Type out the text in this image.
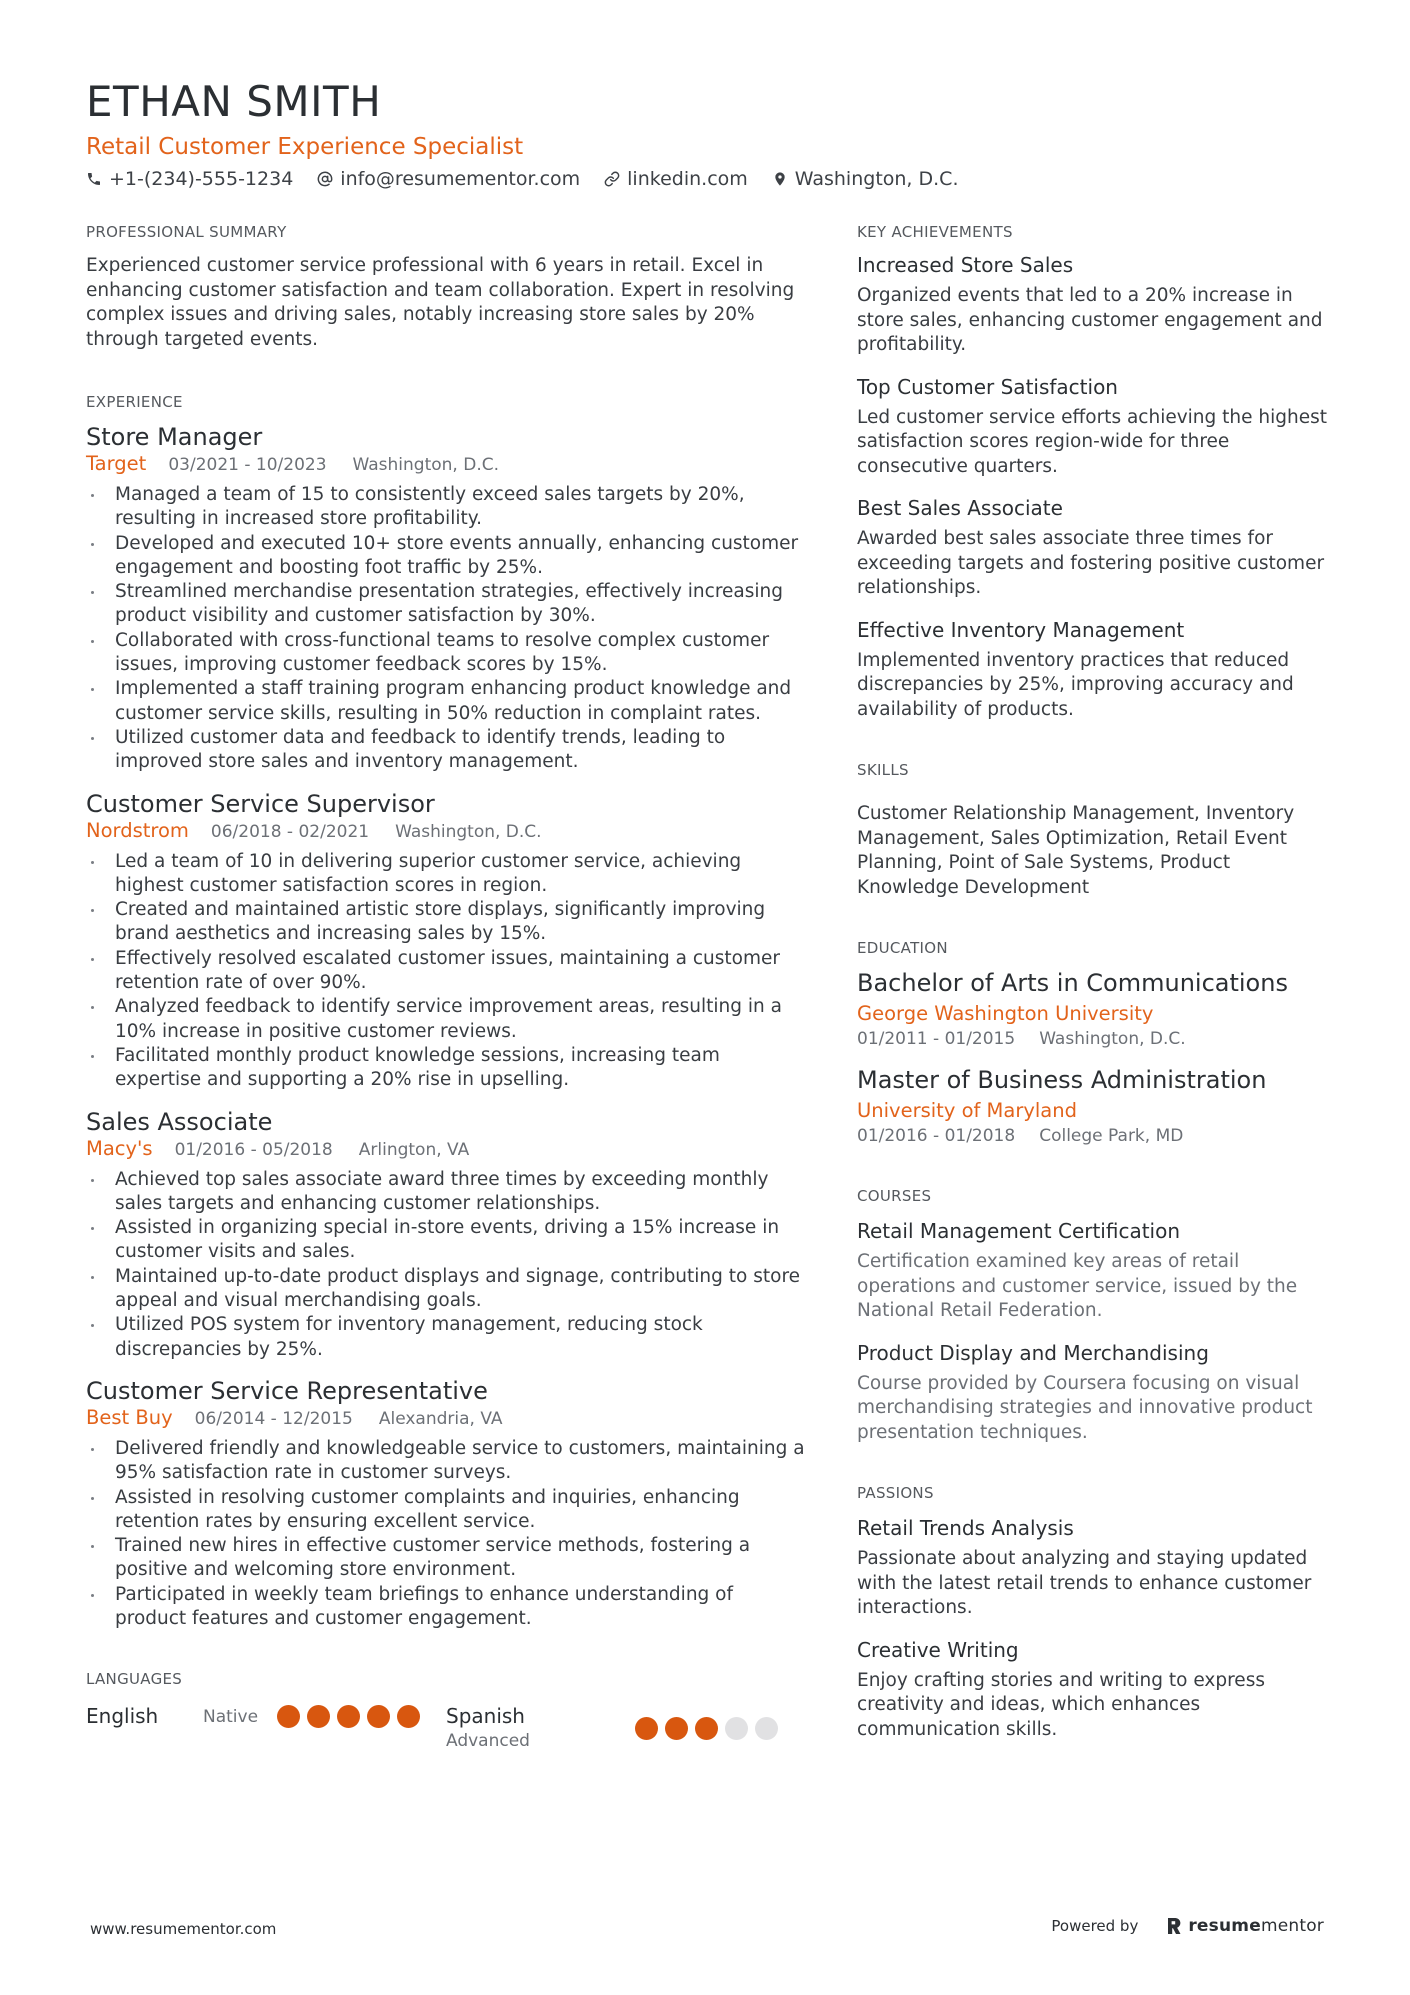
ETHAN SMITH
Retail Customer Experience Specialist
+1-(234)-555-1234 info@resumementor.com linkedin.com Washington, D.C.
PROFESSIONAL SUMMARY

Experienced customer service professional with 6 years in retail. Excel in enhancing customer satisfaction and team collaboration. Expert in resolving complex issues and driving sales, notably increasing store sales by 20% through targeted events.

EXPERIENCE
Store Manager
Target 03/2021 - 10/2023 Washington, D.C.
Managed a team of 15 to consistently exceed sales targets by 20%, resulting in increased store profitability.
Developed and executed 10+ store events annually, enhancing customer engagement and boosting foot traffic by 25%.
Streamlined merchandise presentation strategies, effectively increasing product visibility and customer satisfaction by 30%.
Collaborated with cross-functional teams to resolve complex customer issues, improving customer feedback scores by 15%.
Implemented a staff training program enhancing product knowledge and customer service skills, resulting in 50% reduction in complaint rates.
Utilized customer data and feedback to identify trends, leading to improved store sales and inventory management.
Customer Service Supervisor
Nordstrom 06/2018 - 02/2021 Washington, D.C.
Led a team of 10 in delivering superior customer service, achieving highest customer satisfaction scores in region.
Created and maintained artistic store displays, significantly improving brand aesthetics and increasing sales by 15%.
Effectively resolved escalated customer issues, maintaining a customer retention rate of over 90%.
Analyzed feedback to identify service improvement areas, resulting in a 10% increase in positive customer reviews.
Facilitated monthly product knowledge sessions, increasing team expertise and supporting a 20% rise in upselling.
Sales Associate
Macy's 01/2016 - 05/2018 Arlington, VA
Achieved top sales associate award three times by exceeding monthly sales targets and enhancing customer relationships.
Assisted in organizing special in-store events, driving a 15% increase in customer visits and sales.
Maintained up-to-date product displays and signage, contributing to store appeal and visual merchandising goals.
Utilized POS system for inventory management, reducing stock discrepancies by 25%.
Customer Service Representative
Best Buy 06/2014 - 12/2015 Alexandria, VA
Delivered friendly and knowledgeable service to customers, maintaining a 95% satisfaction rate in customer surveys.
Assisted in resolving customer complaints and inquiries, enhancing retention rates by ensuring excellent service.
Trained new hires in effective customer service methods, fostering a positive and welcoming store environment.
Participated in weekly team briefings to enhance understanding of product features and customer engagement.
LANGUAGES
English	Native	Spanish
Advanced
KEY ACHIEVEMENTS
Increased Store Sales
Organized events that led to a 20% increase in store sales, enhancing customer engagement and profitability.
Top Customer Satisfaction
Led customer service efforts achieving the highest satisfaction scores region-wide for three consecutive quarters.
Best Sales Associate
Awarded best sales associate three times for exceeding targets and fostering positive customer relationships.
Effective Inventory Management
Implemented inventory practices that reduced discrepancies by 25%, improving accuracy and availability of products.
SKILLS
Customer Relationship Management, Inventory Management, Sales Optimization, Retail Event Planning, Point of Sale Systems, Product Knowledge Development
EDUCATION
Bachelor of Arts in Communications
George Washington University
01/2011 - 01/2015 Washington, D.C.
Master of Business Administration
University of Maryland
01/2016 - 01/2018 College Park, MD
COURSES
Retail Management Certification
Certification examined key areas of retail operations and customer service, issued by the National Retail Federation.
Product Display and Merchandising
Course provided by Coursera focusing on visual merchandising strategies and innovative product presentation techniques.
PASSIONS
Retail Trends Analysis
Passionate about analyzing and staying updated with the latest retail trends to enhance customer interactions.
Creative Writing
Enjoy crafting stories and writing to express creativity and ideas, which enhances communication skills.
www.resumementor.com	Powered by	resumementor
